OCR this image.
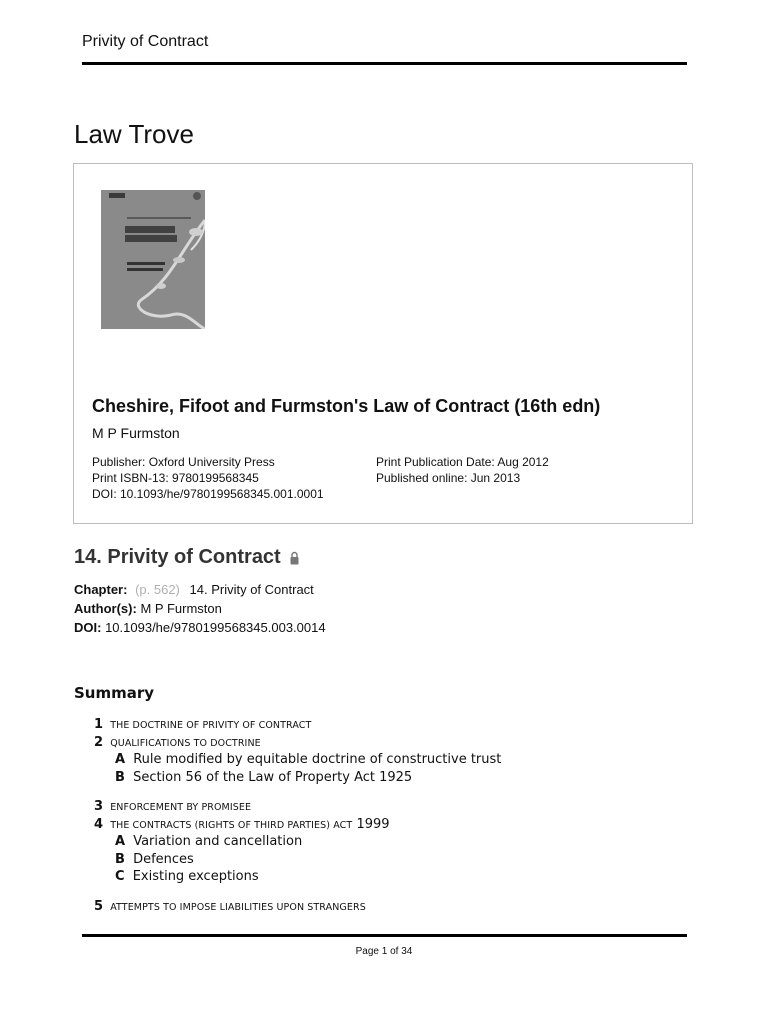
Privity of Contract
Law Trove
Cheshire, Fifoot and Furmston's Law of Contract (16th edn)
M P Furmston
Publisher: Oxford University Press
Print ISBN-13: 9780199568345
DOI: 10.1093/he/9780199568345.001.0001
Print Publication Date: Aug 2012
Published online: Jun 2013
14. Privity of Contract
Chapter: (p. 562) 14. Privity of Contract
Author(s): M P Furmston
DOI: 10.1093/he/9780199568345.003.0014
Summary
1 THE DOCTRINE OF PRIVITY OF CONTRACT
2 QUALIFICATIONS TO DOCTRINE
A Rule modified by equitable doctrine of constructive trust
B Section 56 of the Law of Property Act 1925
3 ENFORCEMENT BY PROMISEE
4 THE CONTRACTS (RIGHTS OF THIRD PARTIES) ACT 1999
A Variation and cancellation
B Defences
C Existing exceptions
5 ATTEMPTS TO IMPOSE LIABILITIES UPON STRANGERS
Page 1 of 34
